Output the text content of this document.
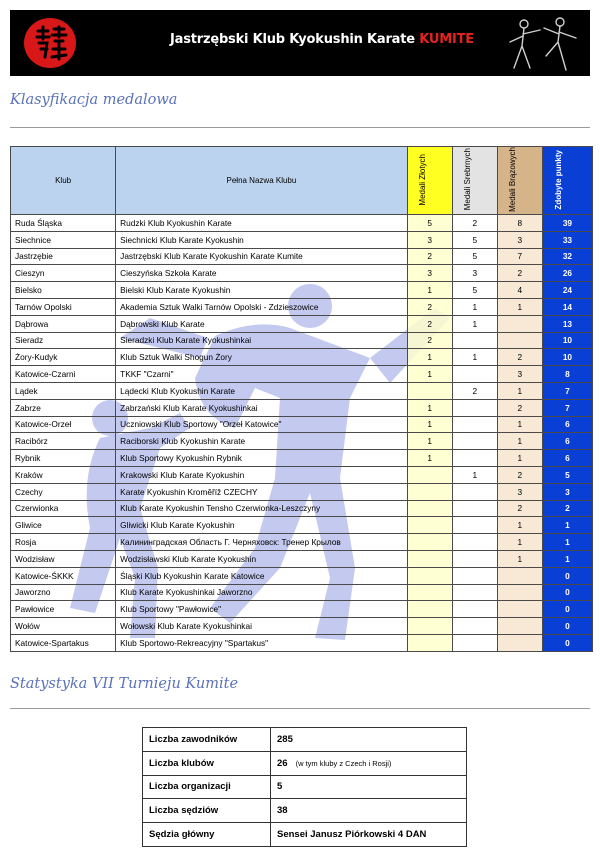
Jastrzębski Klub Kyokushin Karate KUMITE
Klasyfikacja medalowa
Klub	Pełna Nazwa Klubu	Medali Złotych	Medali Srebrnych	Medali Brązowych	Zdobyte punkty
Ruda Śląska	Rudzki Klub Kyokushin Karate	5	2	8	39
Siechnice	Siechnicki Klub Karate Kyokushin	3	5	3	33
Jastrzębie	Jastrzębski Klub Karate Kyokushin Karate Kumite	2	5	7	32
Cieszyn	Cieszyńska Szkoła Karate	3	3	2	26
Bielsko	Bielski Klub Karate Kyokushin	1	5	4	24
Tarnów Opolski	Akademia Sztuk Walki Tarnów Opolski - Zdzieszowice	2	1	1	14
Dąbrowa	Dąbrowski Klub Karate	2	1		13
Sieradz	Sieradzki Klub Karate Kyokushinkai	2			10
Żory-Kudyk	Klub Sztuk Walki Shogun Żory	1	1	2	10
Katowice-Czarni	TKKF "Czarni"	1		3	8
Lądek	Lądecki Klub Kyokushin Karate		2	1	7
Zabrze	Zabrzański Klub Karate Kyokushinkai	1		2	7
Katowice-Orzeł	Uczniowski Klub Sportowy "Orzeł Katowice"	1		1	6
Racibórz	Raciborski Klub Kyokushin Karate	1		1	6
Rybnik	Klub Sportowy Kyokushin Rybnik	1		1	6
Kraków	Krakowski Klub Karate Kyokushin		1	2	5
Czechy	Karate Kyokushin Kroměříž CZECHY			3	3
Czerwionka	Klub Karate Kyokushin Tensho Czerwionka-Leszczyny			2	2
Gliwice	Gliwicki Klub Karate Kyokushin			1	1
Rosja	Калининградская Область Г. Черняховск: Тренер Крылов			1	1
Wodzisław	Wodzisławski Klub Karate Kyokushin			1	1
Katowice-ŚKKK	Śląski Klub Kyokushin Karate Katowice				0
Jaworzno	Klub Karate Kyokushinkai Jaworzno				0
Pawłowice	Klub Sportowy "Pawłowice"				0
Wołów	Wołowski Klub Karate Kyokushinkai				0
Katowice-Spartakus	Klub Sportowo-Rekreacyjny "Spartakus"				0
Statystyka VII Turnieju Kumite
Liczba zawodników	285
Liczba klubów	26 (w tym kluby z Czech i Rosji)
Liczba organizacji	5
Liczba sędziów	38
Sędzia główny	Sensei Janusz Piórkowski 4 DAN
